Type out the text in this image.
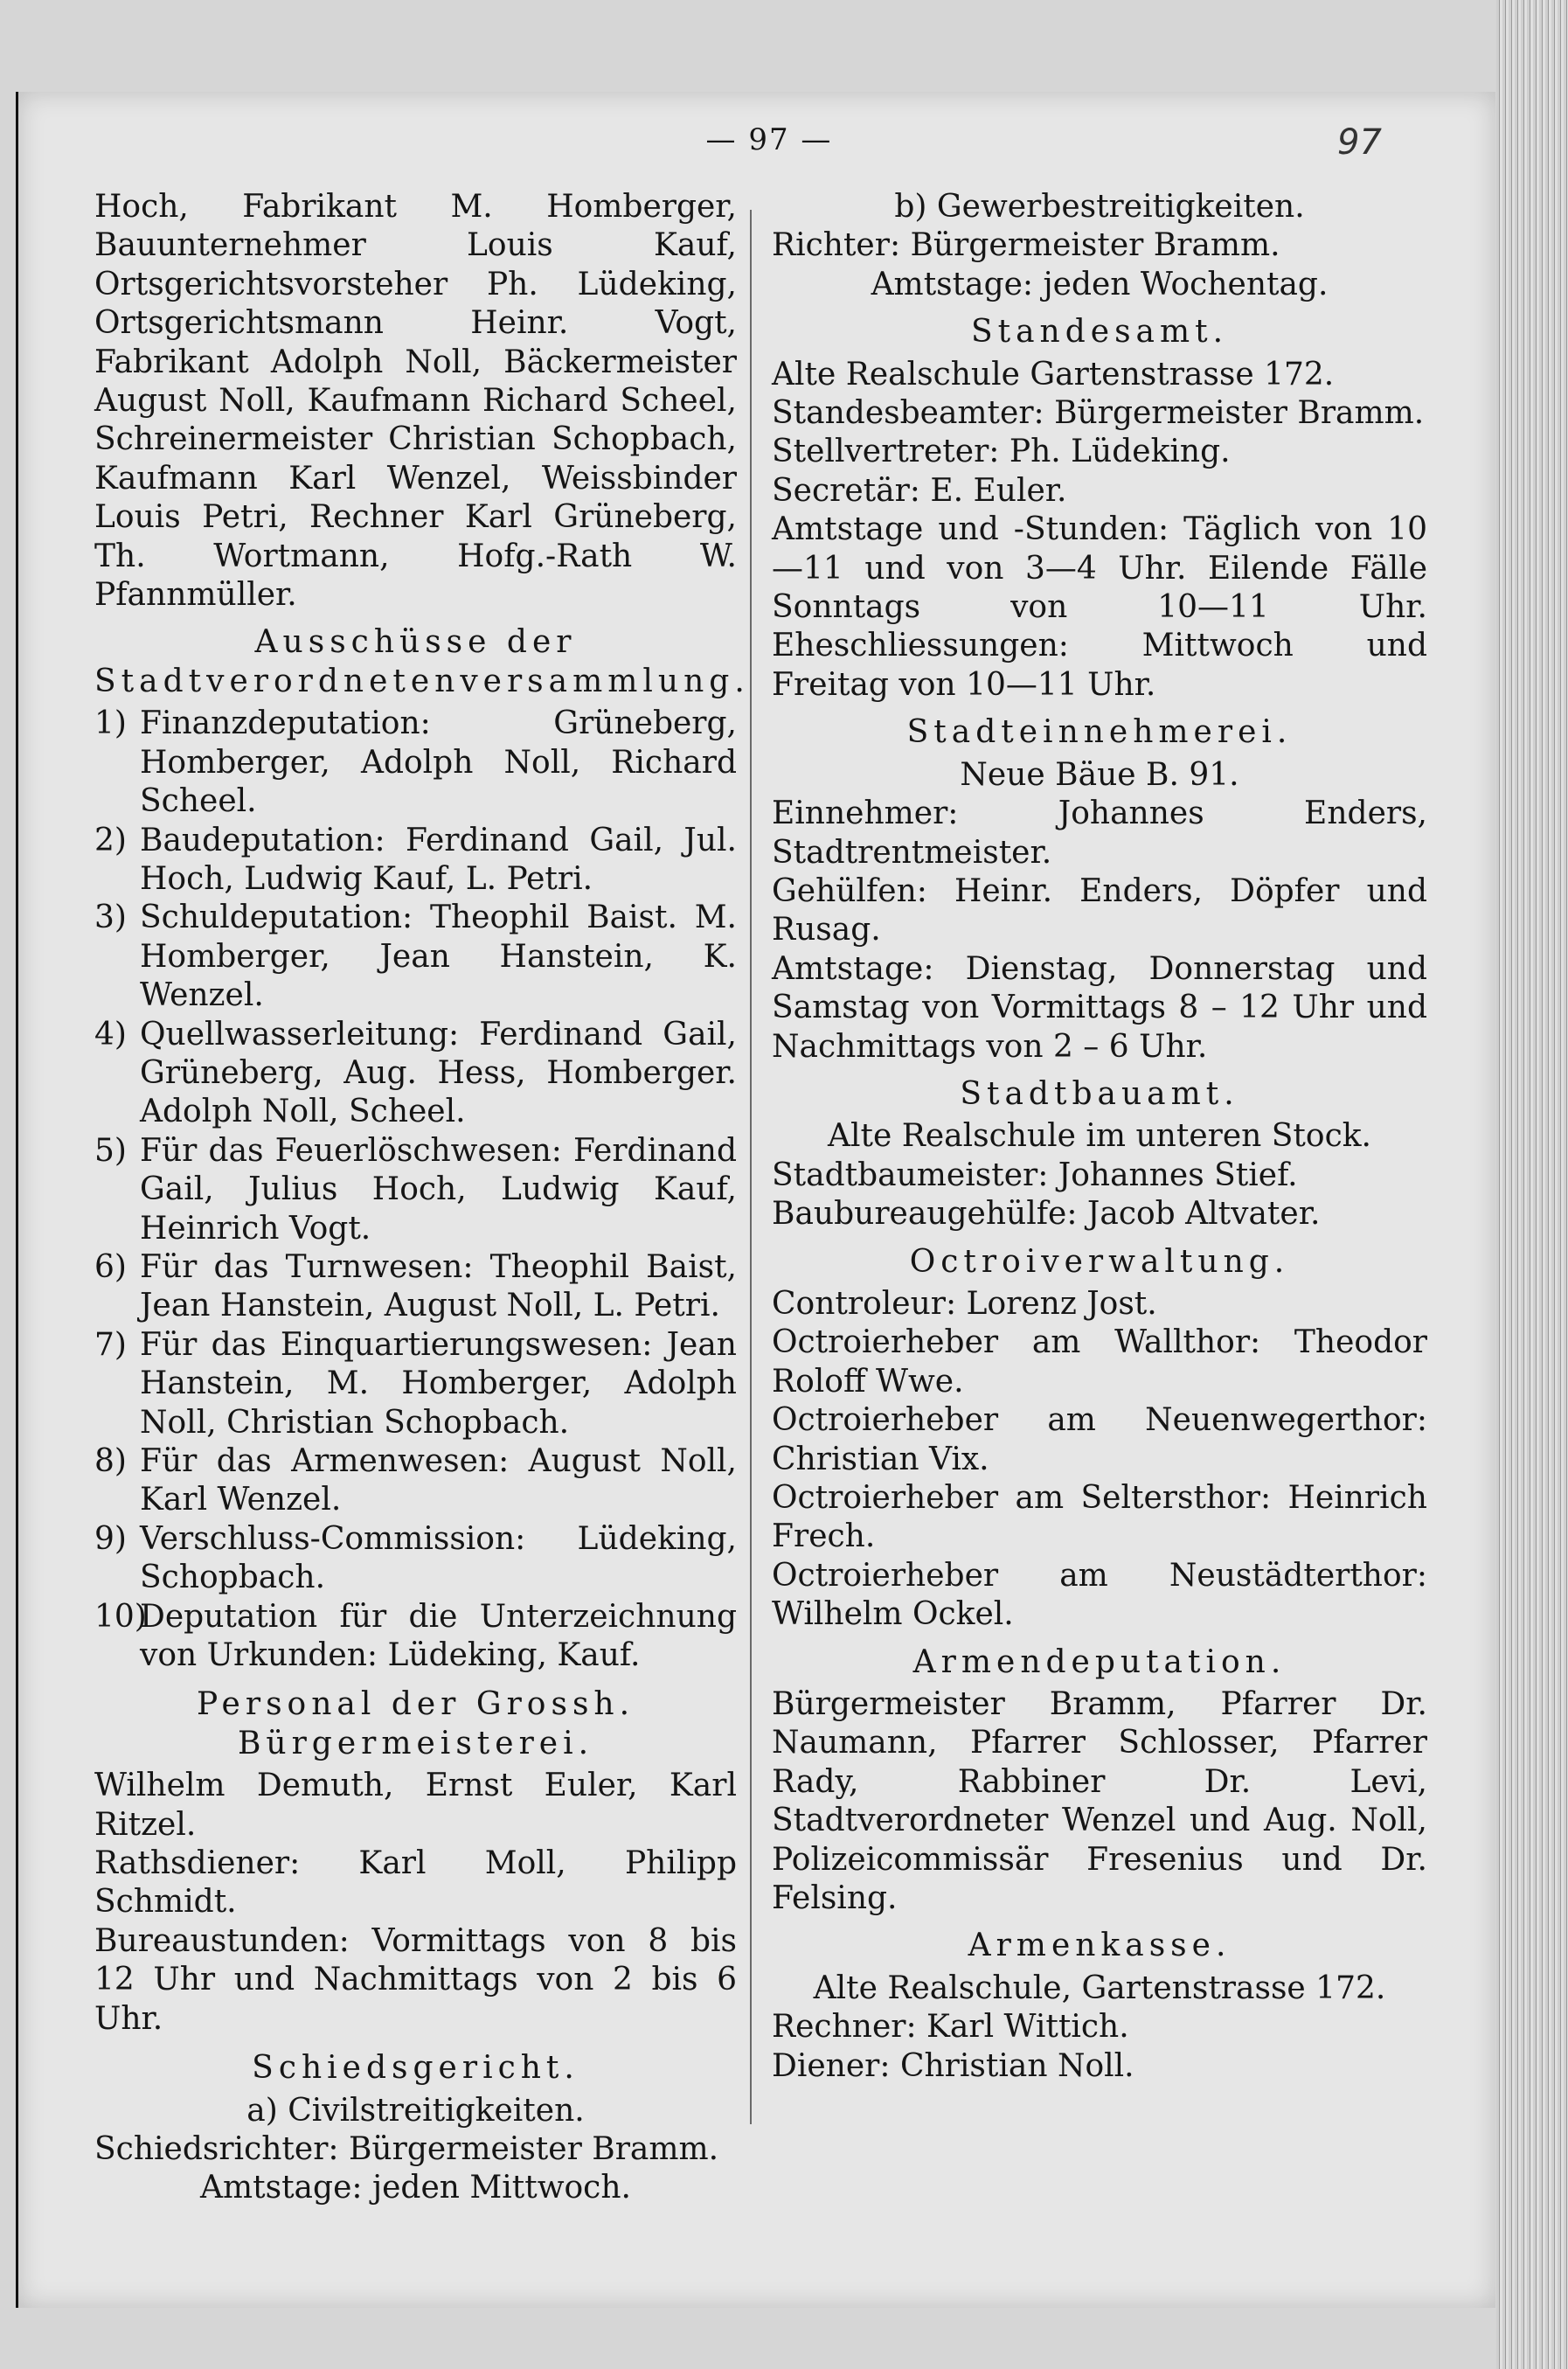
— 97 —	97

Hoch, Fabrikant M. Homberger, Bauunternehmer Louis Kauf, Ortsgerichtsvorsteher Ph. Lüdeking, Ortsgerichtsmann Heinr. Vogt, Fabrikant Adolph Noll, Bäckermeister August Noll, Kaufmann Richard Scheel, Schreinermeister Christian Schopbach, Kaufmann Karl Wenzel, Weissbinder Louis Petri, Rechner Karl Grüneberg, Th. Wortmann, Hofg.-Rath W. Pfannmüller.

Ausschüsse der Stadtverordnetenversammlung.

1) Finanzdeputation: Grüneberg, Homberger, Adolph Noll, Richard Scheel.
2) Baudeputation: Ferdinand Gail, Jul. Hoch, Ludwig Kauf, L. Petri.
3) Schuldeputation: Theophil Baist. M. Homberger, Jean Hanstein, K. Wenzel.
4) Quellwasserleitung: Ferdinand Gail, Grüneberg, Aug. Hess, Homberger. Adolph Noll, Scheel.
5) Für das Feuerlöschwesen: Ferdinand Gail, Julius Hoch, Ludwig Kauf, Heinrich Vogt.
6) Für das Turnwesen: Theophil Baist, Jean Hanstein, August Noll, L. Petri.
7) Für das Einquartierungswesen: Jean Hanstein, M. Homberger, Adolph Noll, Christian Schopbach.
8) Für das Armenwesen: August Noll, Karl Wenzel.
9) Verschluss-Commission: Lüdeking, Schopbach.
10)
Deputation für die Unterzeichnung von Urkunden: Lüdeking, Kauf.

Personal der Grossh. Bürgermeisterei.

Wilhelm Demuth, Ernst Euler, Karl Ritzel.

Rathsdiener: Karl Moll, Philipp Schmidt.

Bureaustunden: Vormittags von 8 bis 12 Uhr und Nachmittags von 2 bis 6 Uhr.

Schiedsgericht.

a) Civilstreitigkeiten.

Schiedsrichter: Bürgermeister Bramm.

Amtstage: jeden Mittwoch.

b) Gewerbestreitigkeiten.

Richter: Bürgermeister Bramm.

Amtstage: jeden Wochentag.

Standesamt.

Alte Realschule Gartenstrasse 172.

Standesbeamter: Bürgermeister Bramm.

Stellvertreter: Ph. Lüdeking.

Secretär: E. Euler.

Amtstage und -Stunden: Täglich von 10—11 und von 3—4 Uhr. Eilende Fälle Sonntags von 10—11 Uhr. Eheschliessungen: Mittwoch und Freitag von 10—11 Uhr.

Stadteinnehmerei.

Neue Bäue B. 91.

Einnehmer: Johannes Enders, Stadtrentmeister.

Gehülfen: Heinr. Enders, Döpfer und Rusag.

Amtstage: Dienstag, Donnerstag und Samstag von Vormittags 8 – 12 Uhr und Nachmittags von 2 – 6 Uhr.

Stadtbauamt.

Alte Realschule im unteren Stock.

Stadtbaumeister: Johannes Stief.

Baubureaugehülfe: Jacob Altvater.

Octroiverwaltung.

Controleur: Lorenz Jost.

Octroierheber am Wallthor: Theodor Roloff Wwe.

Octroierheber am Neuenwegerthor: Christian Vix.

Octroierheber am Seltersthor: Heinrich Frech.

Octroierheber am Neustädterthor: Wilhelm Ockel.

Armendeputation.

Bürgermeister Bramm, Pfarrer Dr. Naumann, Pfarrer Schlosser, Pfarrer Rady, Rabbiner Dr. Levi, Stadtverordneter Wenzel und Aug. Noll, Polizeicommissär Fresenius und Dr. Felsing.

Armenkasse.

Alte Realschule, Gartenstrasse 172.

Rechner: Karl Wittich.

Diener: Christian Noll.
